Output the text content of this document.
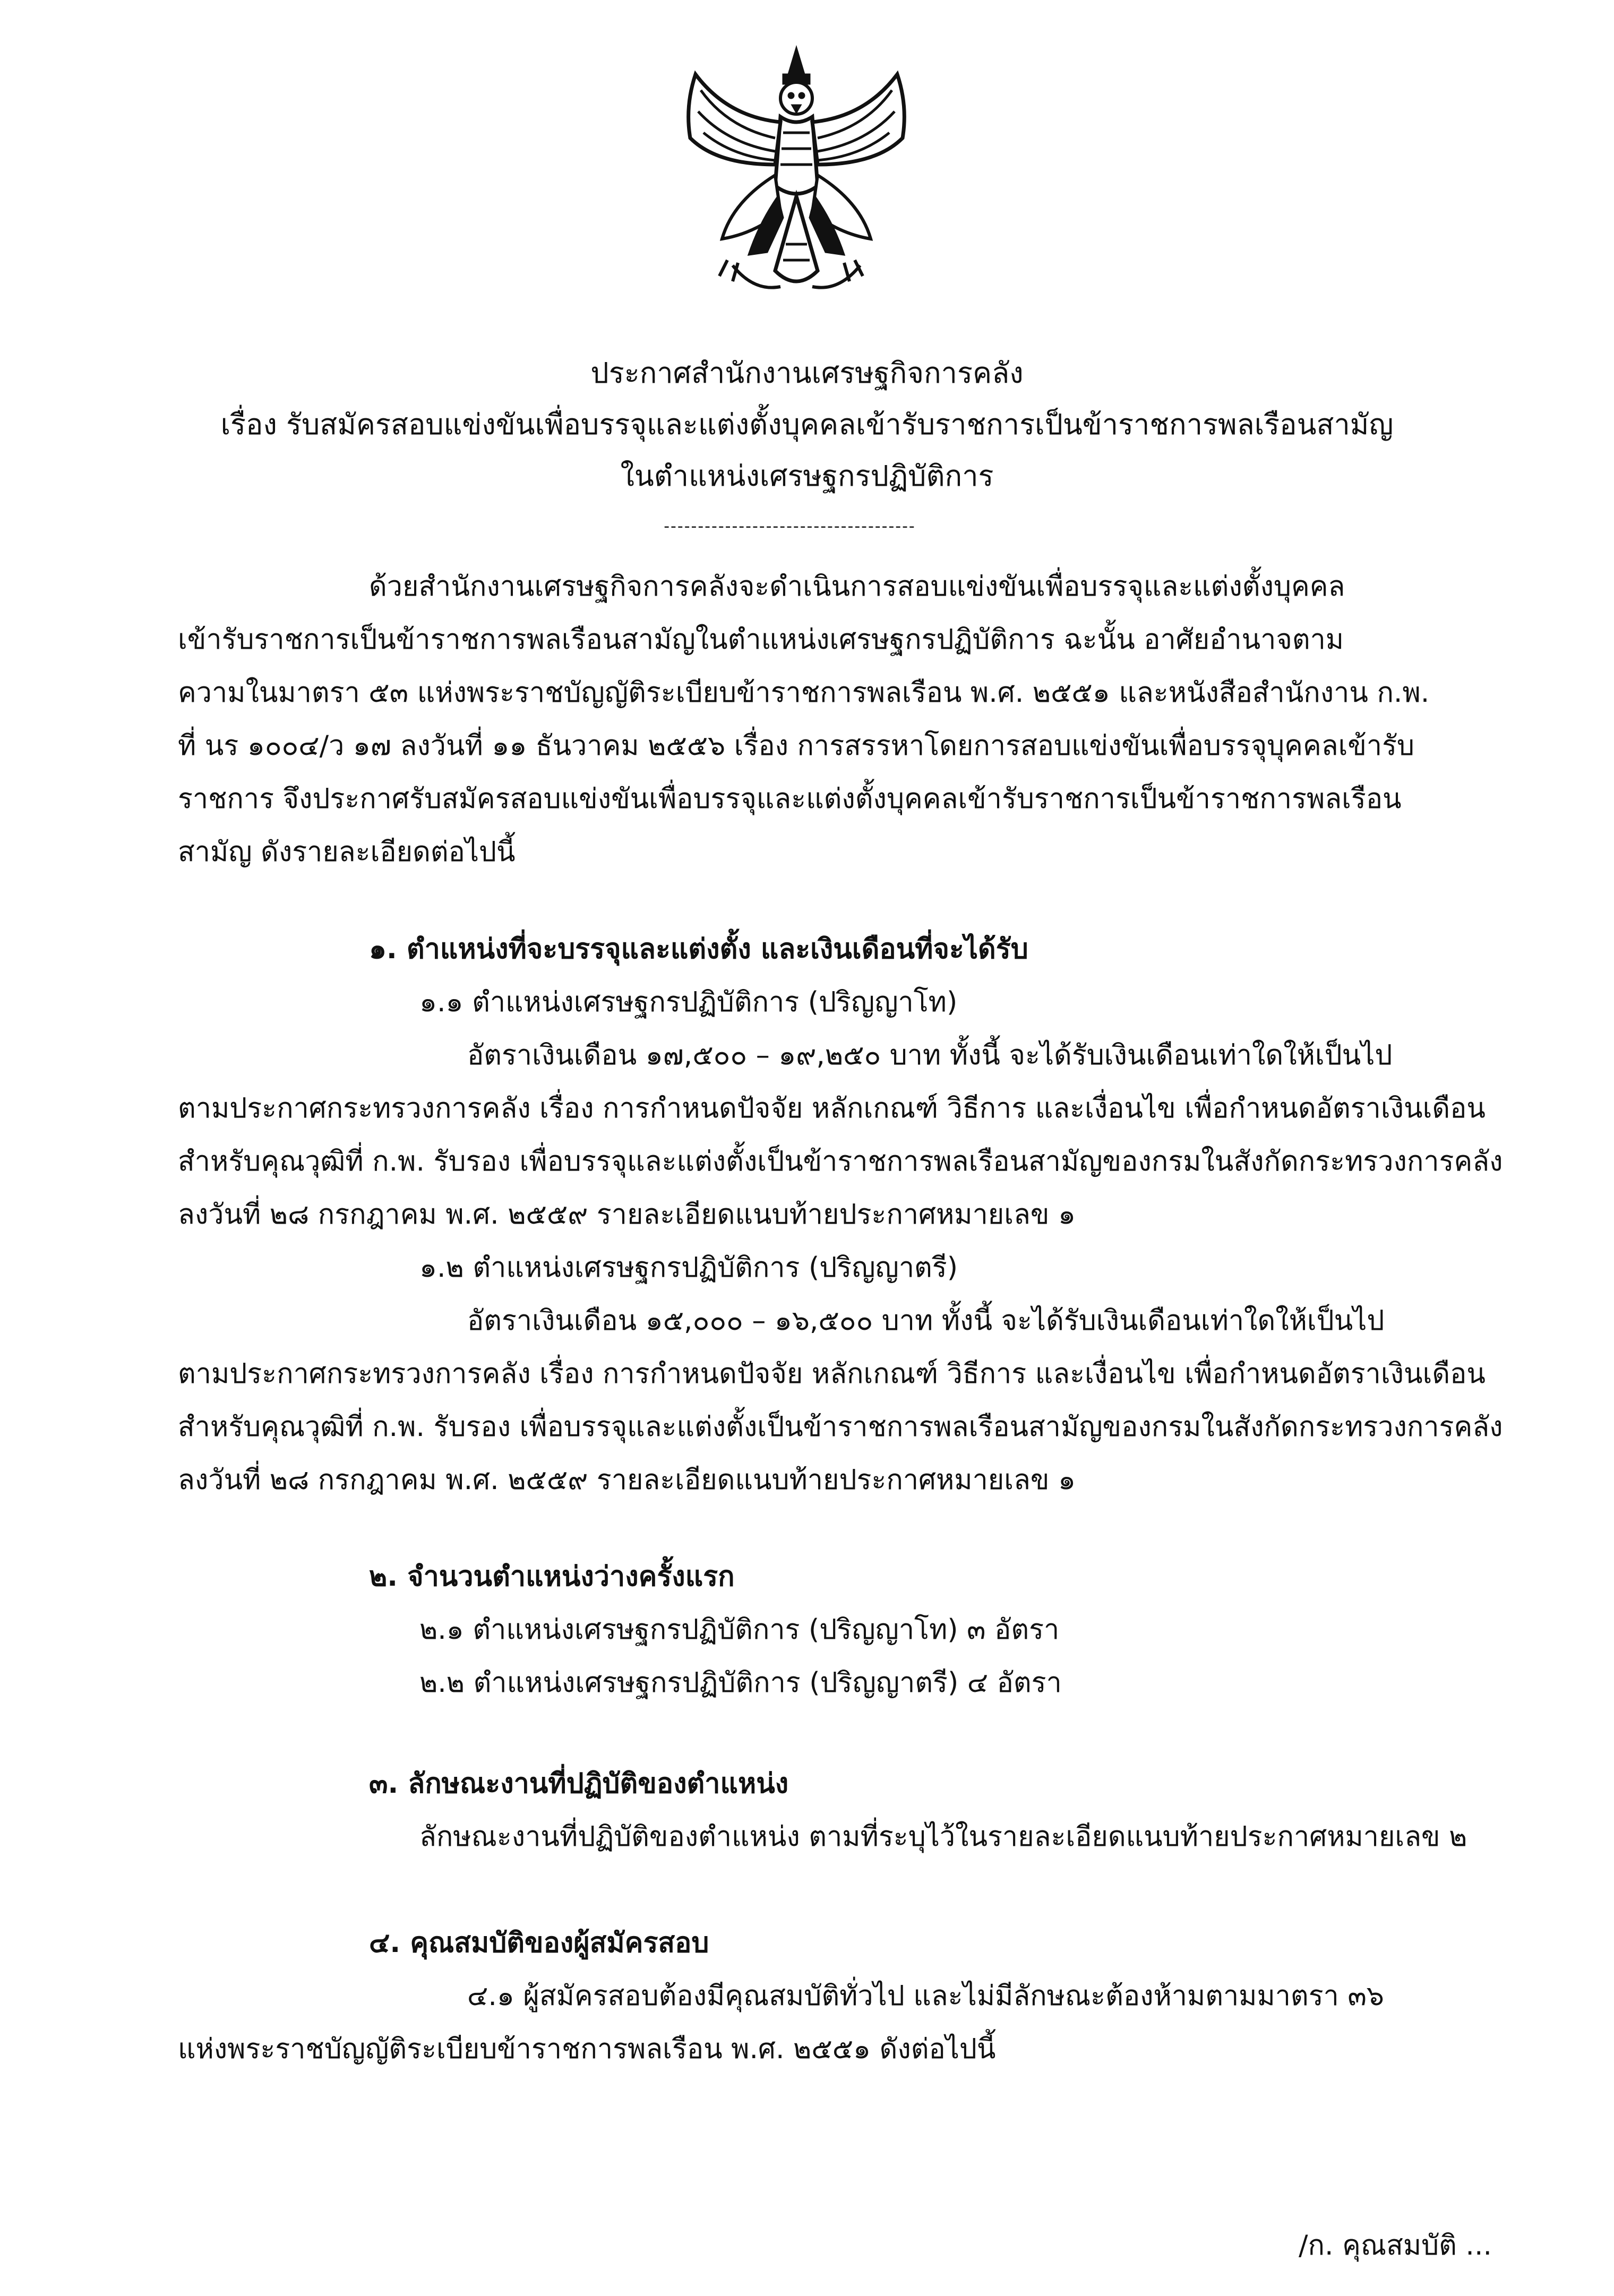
ประกาศสำนักงานเศรษฐกิจการคลัง
เรื่อง รับสมัครสอบแข่งขันเพื่อบรรจุและแต่งตั้งบุคคลเข้ารับราชการเป็นข้าราชการพลเรือนสามัญ
ในตำแหน่งเศรษฐกรปฏิบัติการ
-------------------------------------
ด้วยสำนักงานเศรษฐกิจการคลังจะดำเนินการสอบแข่งขันเพื่อบรรจุและแต่งตั้งบุคคล
เข้ารับราชการเป็นข้าราชการพลเรือนสามัญในตำแหน่งเศรษฐกรปฏิบัติการ ฉะนั้น อาศัยอำนาจตาม
ความในมาตรา ๕๓ แห่งพระราชบัญญัติระเบียบข้าราชการพลเรือน พ.ศ. ๒๕๕๑ และหนังสือสำนักงาน ก.พ.
ที่ นร ๑๐๐๔/ว ๑๗ ลงวันที่ ๑๑ ธันวาคม ๒๕๕๖ เรื่อง การสรรหาโดยการสอบแข่งขันเพื่อบรรจุบุคคลเข้ารับ
ราชการ จึงประกาศรับสมัครสอบแข่งขันเพื่อบรรจุและแต่งตั้งบุคคลเข้ารับราชการเป็นข้าราชการพลเรือน
สามัญ ดังรายละเอียดต่อไปนี้
๑. ตำแหน่งที่จะบรรจุและแต่งตั้ง และเงินเดือนที่จะได้รับ
๑.๑ ตำแหน่งเศรษฐกรปฏิบัติการ (ปริญญาโท)
อัตราเงินเดือน ๑๗,๕๐๐ – ๑๙,๒๕๐ บาท ทั้งนี้ จะได้รับเงินเดือนเท่าใดให้เป็นไป
ตามประกาศกระทรวงการคลัง เรื่อง การกำหนดปัจจัย หลักเกณฑ์ วิธีการ และเงื่อนไข เพื่อกำหนดอัตราเงินเดือน
สำหรับคุณวุฒิที่ ก.พ. รับรอง เพื่อบรรจุและแต่งตั้งเป็นข้าราชการพลเรือนสามัญของกรมในสังกัดกระทรวงการคลัง
ลงวันที่ ๒๘ กรกฎาคม พ.ศ. ๒๕๕๙ รายละเอียดแนบท้ายประกาศหมายเลข ๑
๑.๒ ตำแหน่งเศรษฐกรปฏิบัติการ (ปริญญาตรี)
อัตราเงินเดือน ๑๕,๐๐๐ – ๑๖,๕๐๐ บาท ทั้งนี้ จะได้รับเงินเดือนเท่าใดให้เป็นไป
ตามประกาศกระทรวงการคลัง เรื่อง การกำหนดปัจจัย หลักเกณฑ์ วิธีการ และเงื่อนไข เพื่อกำหนดอัตราเงินเดือน
สำหรับคุณวุฒิที่ ก.พ. รับรอง เพื่อบรรจุและแต่งตั้งเป็นข้าราชการพลเรือนสามัญของกรมในสังกัดกระทรวงการคลัง
ลงวันที่ ๒๘ กรกฎาคม พ.ศ. ๒๕๕๙ รายละเอียดแนบท้ายประกาศหมายเลข ๑
๒. จำนวนตำแหน่งว่างครั้งแรก
๒.๑ ตำแหน่งเศรษฐกรปฏิบัติการ (ปริญญาโท) ๓ อัตรา
๒.๒ ตำแหน่งเศรษฐกรปฏิบัติการ (ปริญญาตรี) ๔ อัตรา
๓. ลักษณะงานที่ปฏิบัติของตำแหน่ง
ลักษณะงานที่ปฏิบัติของตำแหน่ง ตามที่ระบุไว้ในรายละเอียดแนบท้ายประกาศหมายเลข ๒
๔. คุณสมบัติของผู้สมัครสอบ
๔.๑ ผู้สมัครสอบต้องมีคุณสมบัติทั่วไป และไม่มีลักษณะต้องห้ามตามมาตรา ๓๖
แห่งพระราชบัญญัติระเบียบข้าราชการพลเรือน พ.ศ. ๒๕๕๑ ดังต่อไปนี้
/ก. คุณสมบัติ ...
